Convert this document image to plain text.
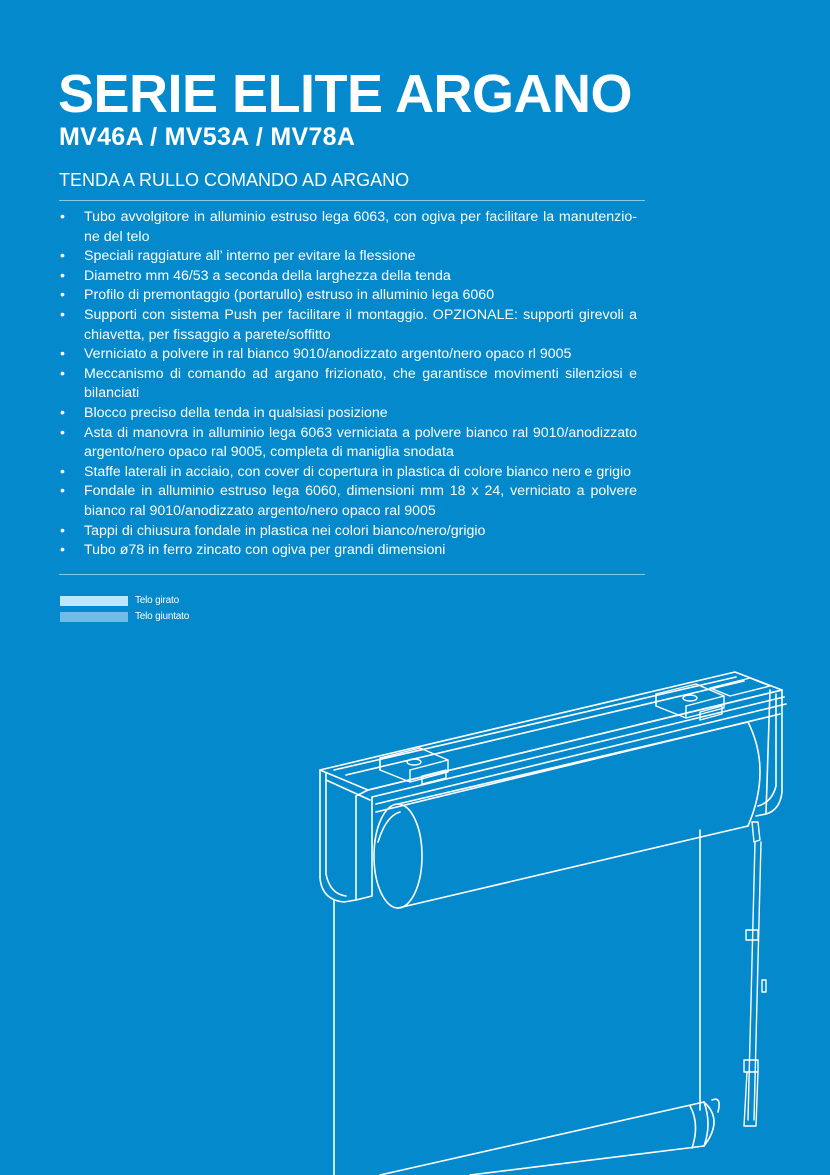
SERIE ELITE ARGANO
MV46A / MV53A / MV78A
TENDA A RULLO COMANDO AD ARGANO
• Tubo avvolgitore in alluminio estruso lega 6063, con ogiva per facilitare la manutenzio-ne del telo
• Speciali raggiature all’ interno per evitare la flessione
• Diametro mm 46/53 a seconda della larghezza della tenda
• Profilo di premontaggio (portarullo) estruso in alluminio lega 6060
• Supporti con sistema Push per facilitare il montaggio. OPZIONALE: supporti girevoli a chiavetta, per fissaggio a parete/soffitto
• Verniciato a polvere in ral bianco 9010/anodizzato argento/nero opaco rl 9005
• Meccanismo di comando ad argano frizionato, che garantisce movimenti silenziosi e bilanciati
• Blocco preciso della tenda in qualsiasi posizione
• Asta di manovra in alluminio lega 6063 verniciata a polvere bianco ral 9010/anodizzato argento/nero opaco ral 9005, completa di maniglia snodata
• Staffe laterali in acciaio, con cover di copertura in plastica di colore bianco nero e grigio
• Fondale in alluminio estruso lega 6060, dimensioni mm 18 x 24, verniciato a polvere bianco ral 9010/anodizzato argento/nero opaco ral 9005
• Tappi di chiusura fondale in plastica nei colori bianco/nero/grigio
• Tubo ø78 in ferro zincato con ogiva per grandi dimensioni
Telo girato
Telo giuntato
